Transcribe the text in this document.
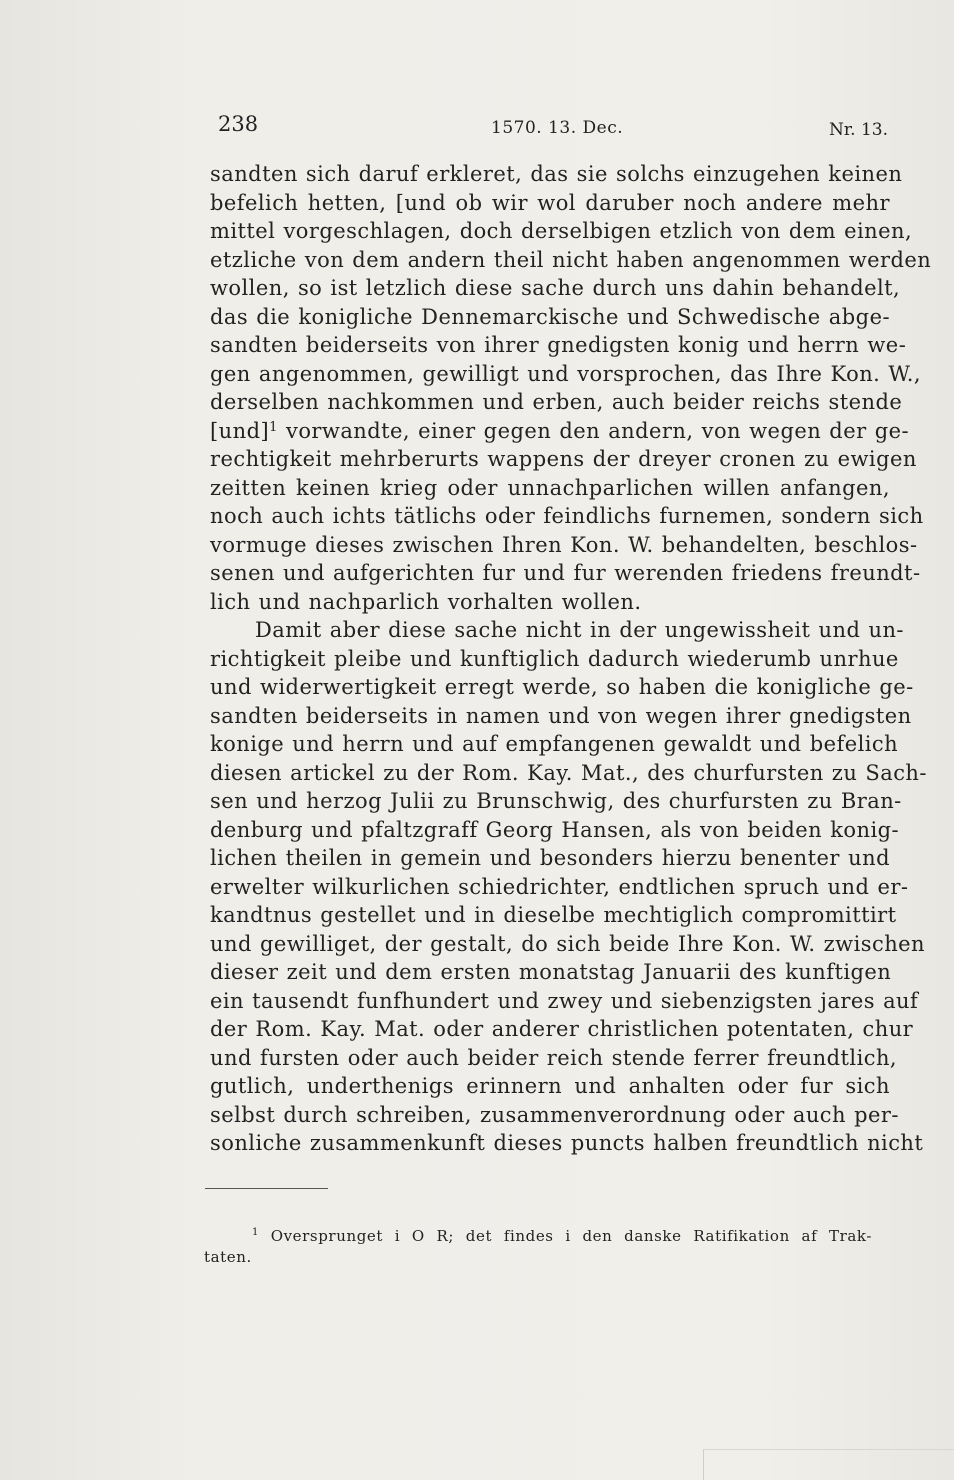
238	1570. 13. Dec.	Nr. 13.
sandten sich daruf erkleret, das sie solchs einzugehen keinen
befelich hetten, [und ob wir wol daruber noch andere mehr
mittel vorgeschlagen, doch derselbigen etzlich von dem einen,
etzliche von dem andern theil nicht haben angenommen werden
wollen, so ist letzlich diese sache durch uns dahin behandelt,
das die konigliche Dennemarckische und Schwedische abge-
sandten beiderseits von ihrer gnedigsten konig und herrn we-
gen angenommen, gewilligt und vorsprochen, das Ihre Kon. W.,
derselben nachkommen und erben, auch beider reichs stende
[und]$^1$ vorwandte, einer gegen den andern, von wegen der ge-
rechtigkeit mehrberurts wappens der dreyer cronen zu ewigen
zeitten keinen krieg oder unnachparlichen willen anfangen,
noch auch ichts tätlichs oder feindlichs furnemen, sondern sich
vormuge dieses zwischen Ihren Kon. W. behandelten, beschlos-
senen und aufgerichten fur und fur werenden friedens freundt-
lich und nachparlich vorhalten wollen.
Damit aber diese sache nicht in der ungewissheit und un-
richtigkeit pleibe und kunftiglich dadurch wiederumb unrhue
und widerwertigkeit erregt werde, so haben die konigliche ge-
sandten beiderseits in namen und von wegen ihrer gnedigsten
konige und herrn und auf empfangenen gewaldt und befelich
diesen artickel zu der Rom. Kay. Mat., des churfursten zu Sach-
sen und herzog Julii zu Brunschwig, des churfursten zu Bran-
denburg und pfaltzgraff Georg Hansen, als von beiden konig-
lichen theilen in gemein und besonders hierzu benenter und
erwelter wilkurlichen schiedrichter, endtlichen spruch und er-
kandtnus gestellet und in dieselbe mechtiglich compromittirt
und gewilliget, der gestalt, do sich beide Ihre Kon. W. zwischen
dieser zeit und dem ersten monatstag Januarii des kunftigen
ein tausendt funfhundert und zwey und siebenzigsten jares auf
der Rom. Kay. Mat. oder anderer christlichen potentaten, chur
und fursten oder auch beider reich stende ferrer freundtlich,
gutlich, underthenigs erinnern und anhalten oder fur sich
selbst durch schreiben, zusammenverordnung oder auch per-
sonliche zusammenkunft dieses puncts halben freundtlich nicht
$^1$ Oversprunget i O R; det findes i den danske Ratifikation af Trak-
taten.
